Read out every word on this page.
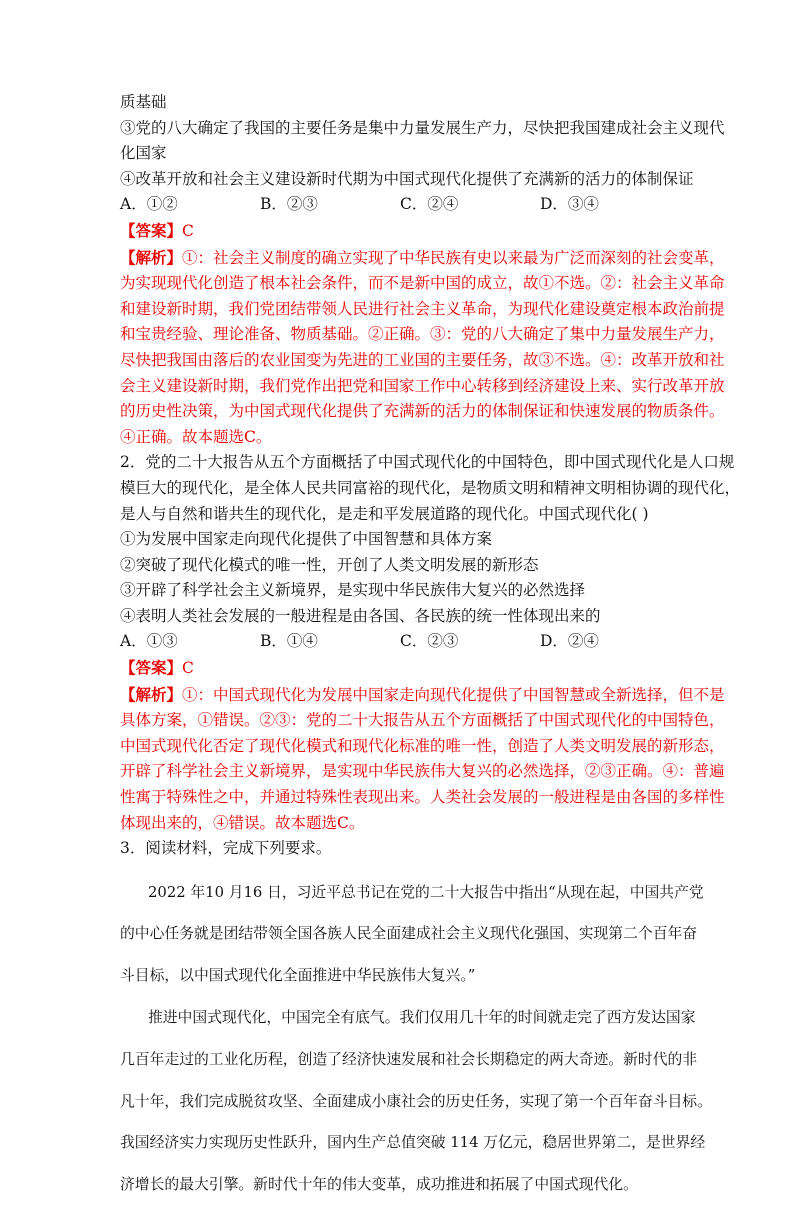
质基础

③党的八大确定了我国的主要任务是集中力量发展生产力，尽快把我国建成社会主义现代

化国家

④改革开放和社会主义建设新时代期为中国式现代化提供了充满新的活力的体制保证

A．①②	B．②③	C．②④	D．③④

【答案】C

【解析】①：社会主义制度的确立实现了中华民族有史以来最为广泛而深刻的社会变革，

为实现现代化创造了根本社会条件，而不是新中国的成立，故①不选。②：社会主义革命

和建设新时期，我们党团结带领人民进行社会主义革命，为现代化建设奠定根本政治前提

和宝贵经验、理论准备、物质基础。②正确。③：党的八大确定了集中力量发展生产力，

尽快把我国由落后的农业国变为先进的工业国的主要任务，故③不选。④：改革开放和社

会主义建设新时期，我们党作出把党和国家工作中心转移到经济建设上来、实行改革开放

的历史性决策，为中国式现代化提供了充满新的活力的体制保证和快速发展的物质条件。

④正确。故本题选C。

2．党的二十大报告从五个方面概括了中国式现代化的中国特色，即中国式现代化是人口规

模巨大的现代化，是全体人民共同富裕的现代化，是物质文明和精神文明相协调的现代化，

是人与自然和谐共生的现代化，是走和平发展道路的现代化。中国式现代化( )

①为发展中国家走向现代化提供了中国智慧和具体方案

②突破了现代化模式的唯一性，开创了人类文明发展的新形态

③开辟了科学社会主义新境界，是实现中华民族伟大复兴的必然选择

④表明人类社会发展的一般进程是由各国、各民族的统一性体现出来的

A．①③	B．①④	C．②③	D．②④

【答案】C

【解析】①：中国式现代化为发展中国家走向现代化提供了中国智慧或全新选择，但不是

具体方案，①错误。②③：党的二十大报告从五个方面概括了中国式现代化的中国特色，

中国式现代化否定了现代化模式和现代化标准的唯一性，创造了人类文明发展的新形态，

开辟了科学社会主义新境界，是实现中华民族伟大复兴的必然选择，②③正确。④：普遍

性寓于特殊性之中，并通过特殊性表现出来。人类社会发展的一般进程是由各国的多样性

体现出来的，④错误。故本题选C。

3．阅读材料，完成下列要求。

2022 年10 月16 日，习近平总书记在党的二十大报告中指出“从现在起，中国共产党

的中心任务就是团结带领全国各族人民全面建成社会主义现代化强国、实现第二个百年奋

斗目标，以中国式现代化全面推进中华民族伟大复兴。”

推进中国式现代化，中国完全有底气。我们仅用几十年的时间就走完了西方发达国家

几百年走过的工业化历程，创造了经济快速发展和社会长期稳定的两大奇迹。新时代的非

凡十年，我们完成脱贫攻坚、全面建成小康社会的历史任务，实现了第一个百年奋斗目标。

我国经济实力实现历史性跃升，国内生产总值突破 114 万亿元，稳居世界第二，是世界经

济增长的最大引擎。新时代十年的伟大变革，成功推进和拓展了中国式现代化。
